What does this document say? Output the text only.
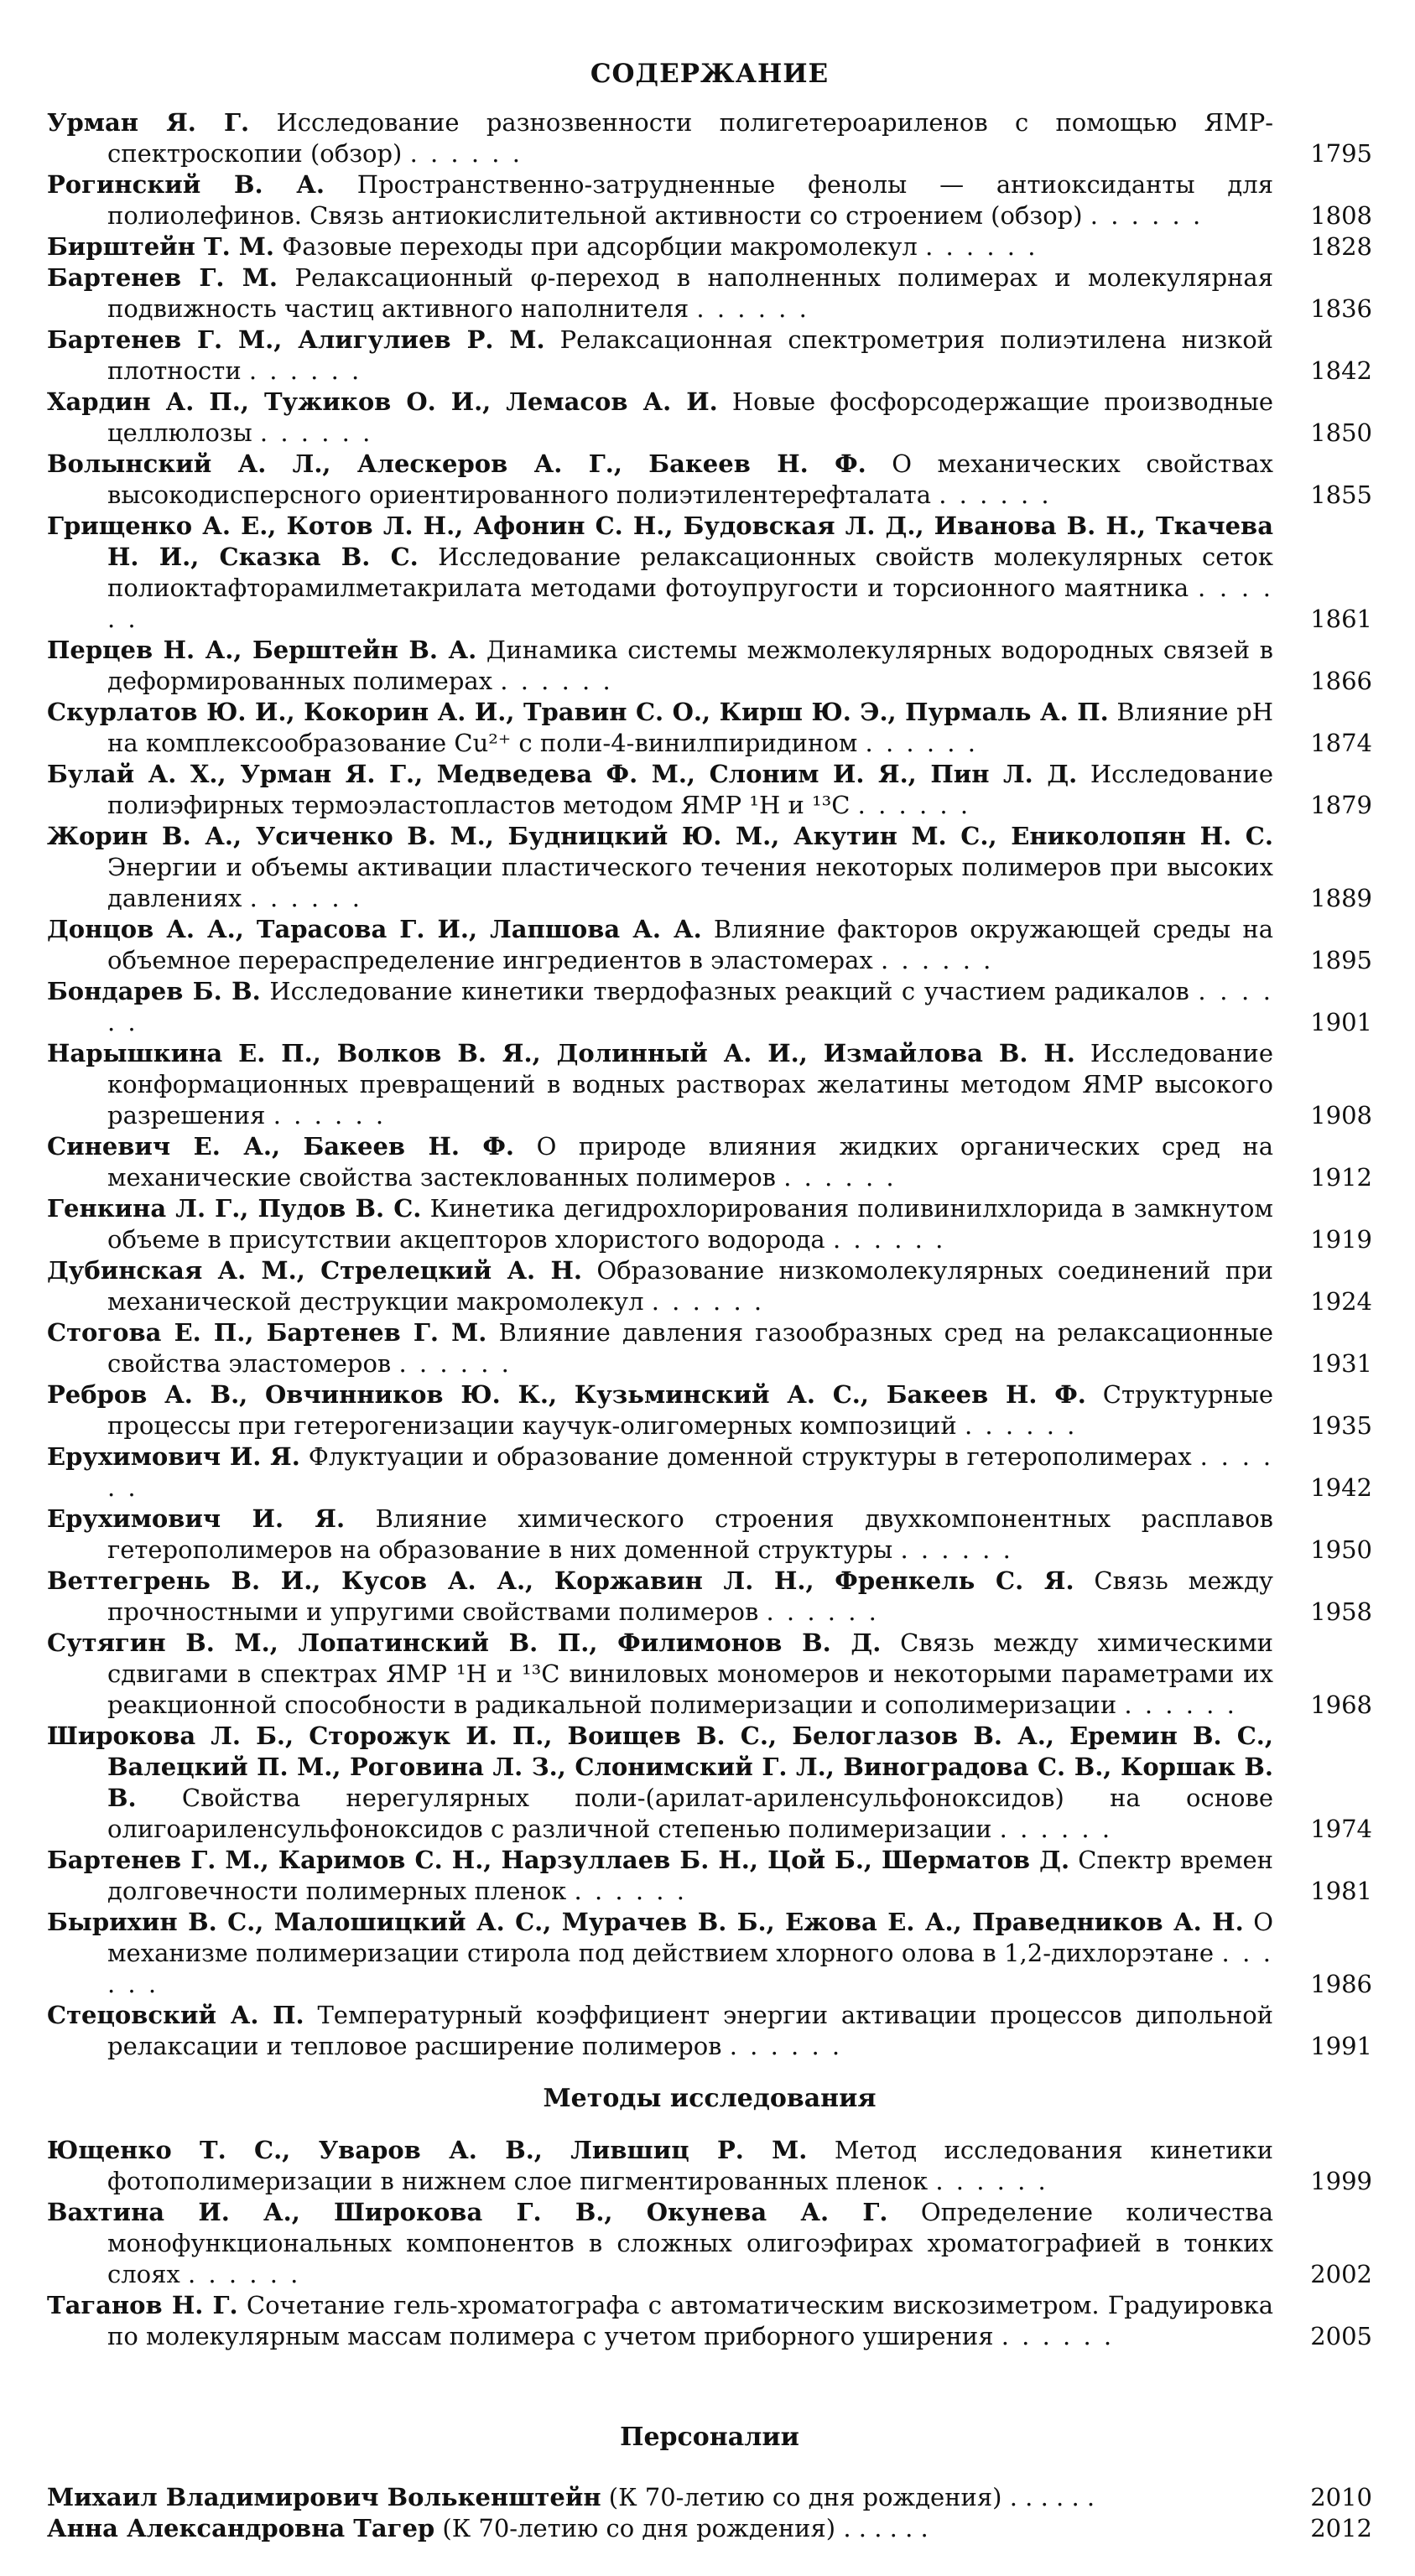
СОДЕРЖАНИЕ

Урман Я. Г. Исследование разнозвенности полигетероариленов с помощью ЯМР-спектроскопии (обзор) . . . . . .	1795

Рогинский В. А. Пространственно-затрудненные фенолы — антиоксиданты для полиолефинов. Связь антиокислительной активности со строением (обзор) . . . . . .	1808

Бирштейн Т. М. Фазовые переходы при адсорбции макромолекул . . . . . .	1828

Бартенев Г. М. Релаксационный φ-переход в наполненных полимерах и молекулярная подвижность частиц активного наполнителя . . . . . .	1836

Бартенев Г. М., Алигулиев Р. М. Релаксационная спектрометрия полиэтилена низкой плотности . . . . . .	1842

Хардин А. П., Тужиков О. И., Лемасов А. И. Новые фосфорсодержащие производные целлюлозы . . . . . .	1850

Волынский А. Л., Алескеров А. Г., Бакеев Н. Ф. О механических свойствах высокодисперсного ориентированного полиэтилентерефталата . . . . . .	1855

Грищенко А. Е., Котов Л. Н., Афонин С. Н., Будовская Л. Д., Иванова В. Н., Ткачева Н. И., Сказка В. С. Исследование релаксационных свойств молекулярных сеток полиоктафторамилметакрилата методами фотоупругости и торсионного маятника . . . . . .	1861

Перцев Н. А., Берштейн В. А. Динамика системы межмолекулярных водородных связей в деформированных полимерах . . . . . .	1866

Скурлатов Ю. И., Кокорин А. И., Травин С. О., Кирш Ю. Э., Пурмаль А. П. Влияние pH на комплексообразование Cu²⁺ с поли-4-винилпиридином . . . . . .	1874

Булай А. Х., Урман Я. Г., Медведева Ф. М., Слоним И. Я., Пин Л. Д. Исследование полиэфирных термоэластопластов методом ЯМР ¹H и ¹³C . . . . . .	1879

Жорин В. А., Усиченко В. М., Будницкий Ю. М., Акутин М. С., Ениколопян Н. С. Энергии и объемы активации пластического течения некоторых полимеров при высоких давлениях . . . . . .	1889

Донцов А. А., Тарасова Г. И., Лапшова А. А. Влияние факторов окружающей среды на объемное перераспределение ингредиентов в эластомерах . . . . . .	1895

Бондарев Б. В. Исследование кинетики твердофазных реакций с участием радикалов . . . . . .	1901

Нарышкина Е. П., Волков В. Я., Долинный А. И., Измайлова В. Н. Исследование конформационных превращений в водных растворах желатины методом ЯМР высокого разрешения . . . . . .	1908

Синевич Е. А., Бакеев Н. Ф. О природе влияния жидких органических сред на механические свойства застеклованных полимеров . . . . . .	1912

Генкина Л. Г., Пудов В. С. Кинетика дегидрохлорирования поливинилхлорида в замкнутом объеме в присутствии акцепторов хлористого водорода . . . . . .	1919

Дубинская А. М., Стрелецкий А. Н. Образование низкомолекулярных соединений при механической деструкции макромолекул . . . . . .	1924

Стогова Е. П., Бартенев Г. М. Влияние давления газообразных сред на релаксационные свойства эластомеров . . . . . .	1931

Ребров А. В., Овчинников Ю. К., Кузьминский А. С., Бакеев Н. Ф. Структурные процессы при гетерогенизации каучук-олигомерных композиций . . . . . .	1935

Ерухимович И. Я. Флуктуации и образование доменной структуры в гетерополимерах . . . . . .	1942

Ерухимович И. Я. Влияние химического строения двухкомпонентных расплавов гетерополимеров на образование в них доменной структуры . . . . . .	1950

Веттегрень В. И., Кусов А. А., Коржавин Л. Н., Френкель С. Я. Связь между прочностными и упругими свойствами полимеров . . . . . .	1958

Сутягин В. М., Лопатинский В. П., Филимонов В. Д. Связь между химическими сдвигами в спектрах ЯМР ¹H и ¹³C виниловых мономеров и некоторыми параметрами их реакционной способности в радикальной полимеризации и сополимеризации . . . . . .	1968

Широкова Л. Б., Сторожук И. П., Воищев В. С., Белоглазов В. А., Еремин В. С., Валецкий П. М., Роговина Л. З., Слонимский Г. Л., Виноградова С. В., Коршак В. В. Свойства нерегулярных поли-(арилат-ариленсульфоноксидов) на основе олигоариленсульфоноксидов с различной степенью полимеризации . . . . . .	1974

Бартенев Г. М., Каримов С. Н., Нарзуллаев Б. Н., Цой Б., Шерматов Д. Спектр времен долговечности полимерных пленок . . . . . .	1981

Бырихин В. С., Малошицкий А. С., Мурачев В. Б., Ежова Е. А., Праведников А. Н. О механизме полимеризации стирола под действием хлорного олова в 1,2-дихлорэтане . . . . . .	1986

Стецовский А. П. Температурный коэффициент энергии активации процессов дипольной релаксации и тепловое расширение полимеров . . . . . .	1991

Методы исследования

Ющенко Т. С., Уваров А. В., Лившиц Р. М. Метод исследования кинетики фотополимеризации в нижнем слое пигментированных пленок . . . . . .	1999

Вахтина И. А., Широкова Г. В., Окунева А. Г. Определение количества монофункциональных компонентов в сложных олигоэфирах хроматографией в тонких слоях . . . . . .	2002

Таганов Н. Г. Сочетание гель-хроматографа с автоматическим вискозиметром. Градуировка по молекулярным массам полимера с учетом приборного уширения . . . . . .	2005

Персоналии

Михаил Владимирович Волькенштейн (К 70-летию со дня рождения) . . . . . .	2010

Анна Александровна Тагер (К 70-летию со дня рождения) . . . . . .	2012
